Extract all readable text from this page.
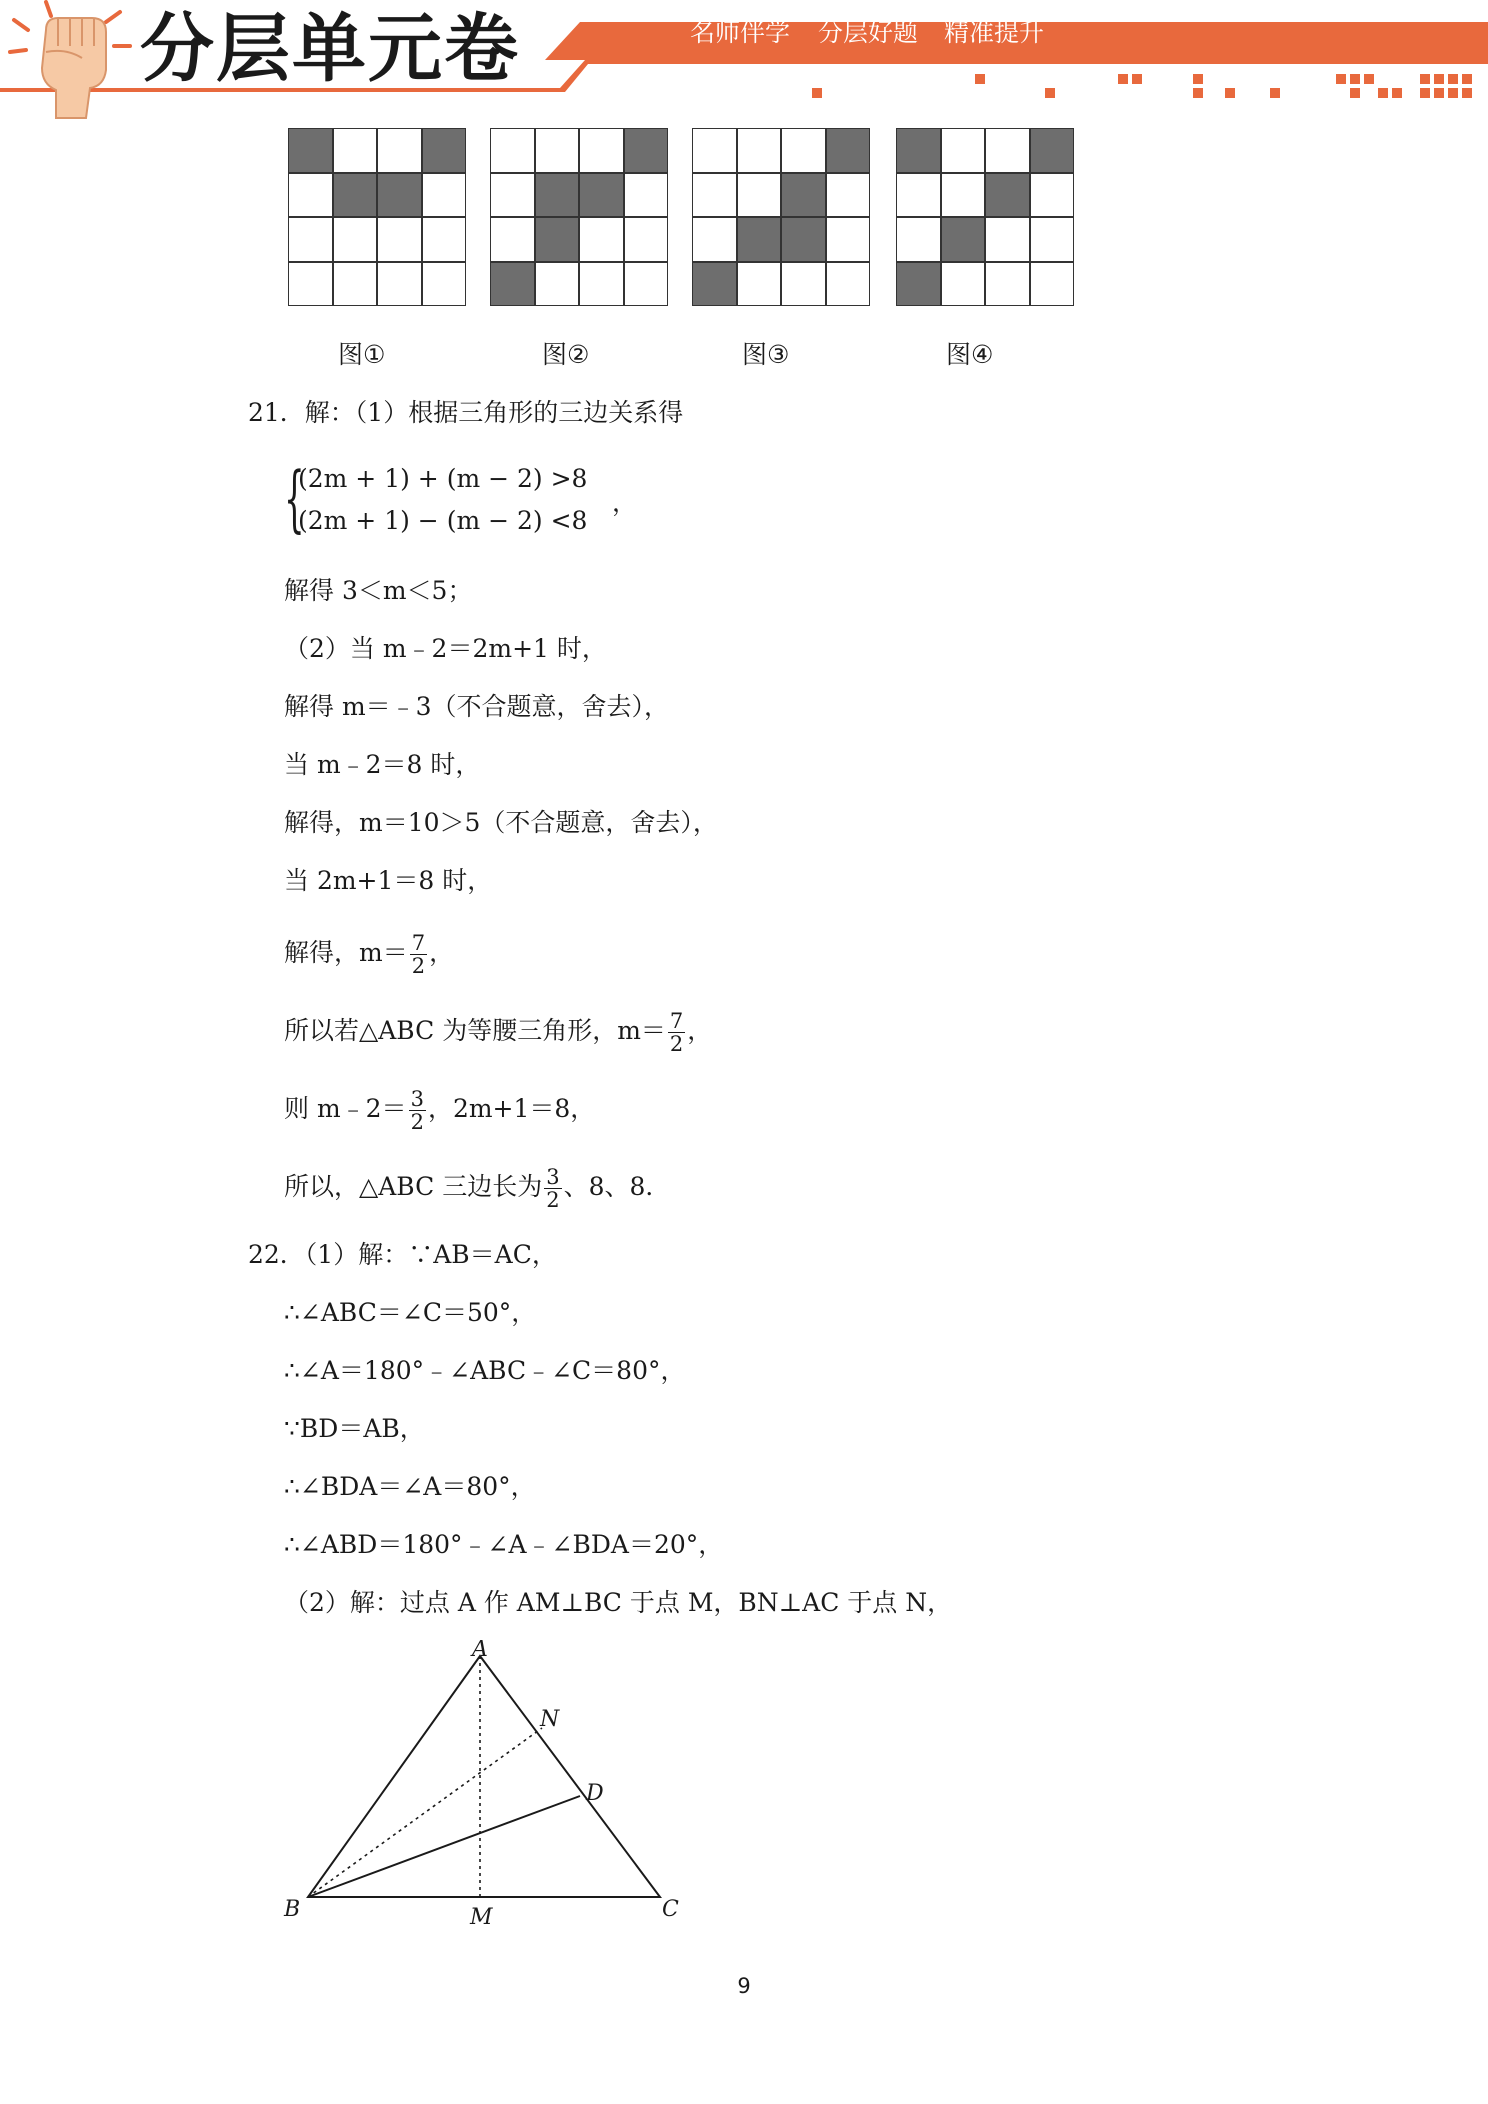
分层单元卷	名师伴学 分层好题 精准提升
图①	图②	图③	图④
21．解：（1）根据三角形的三边关系得
{
(2m + 1) + (m − 2) >8
(2m + 1) − (m − 2) <8
，
解得 3＜m＜5；
（2）当 m﹣2＝2m+1 时，
解得 m＝﹣3（不合题意，舍去），
当 m﹣2＝8 时，
解得，m＝10＞5（不合题意，舍去），
当 2m+1＝8 时，
解得，$m= \frac{7}{2}$ ，
所以若△ABC 为等腰三角形，$m= \frac{7}{2}$ ，
则 m﹣2＝ $\frac{3}{2}$ ，2m+1＝8，
所以，△ABC 三边长为 $\frac{3}{2}$ 、8、8．
22．（1）解：∵AB＝AC，
∴∠ABC＝∠C＝50°，
∴∠A＝180°﹣∠ABC﹣∠C＝80°，
∵BD＝AB，
∴∠BDA＝∠A＝80°，
∴∠ABD＝180°﹣∠A﹣∠BDA＝20°，
（2）解：过点 A 作 AM⊥BC 于点 M，BN⊥AC 于点 N，
A
B	C
D
M
N
9
